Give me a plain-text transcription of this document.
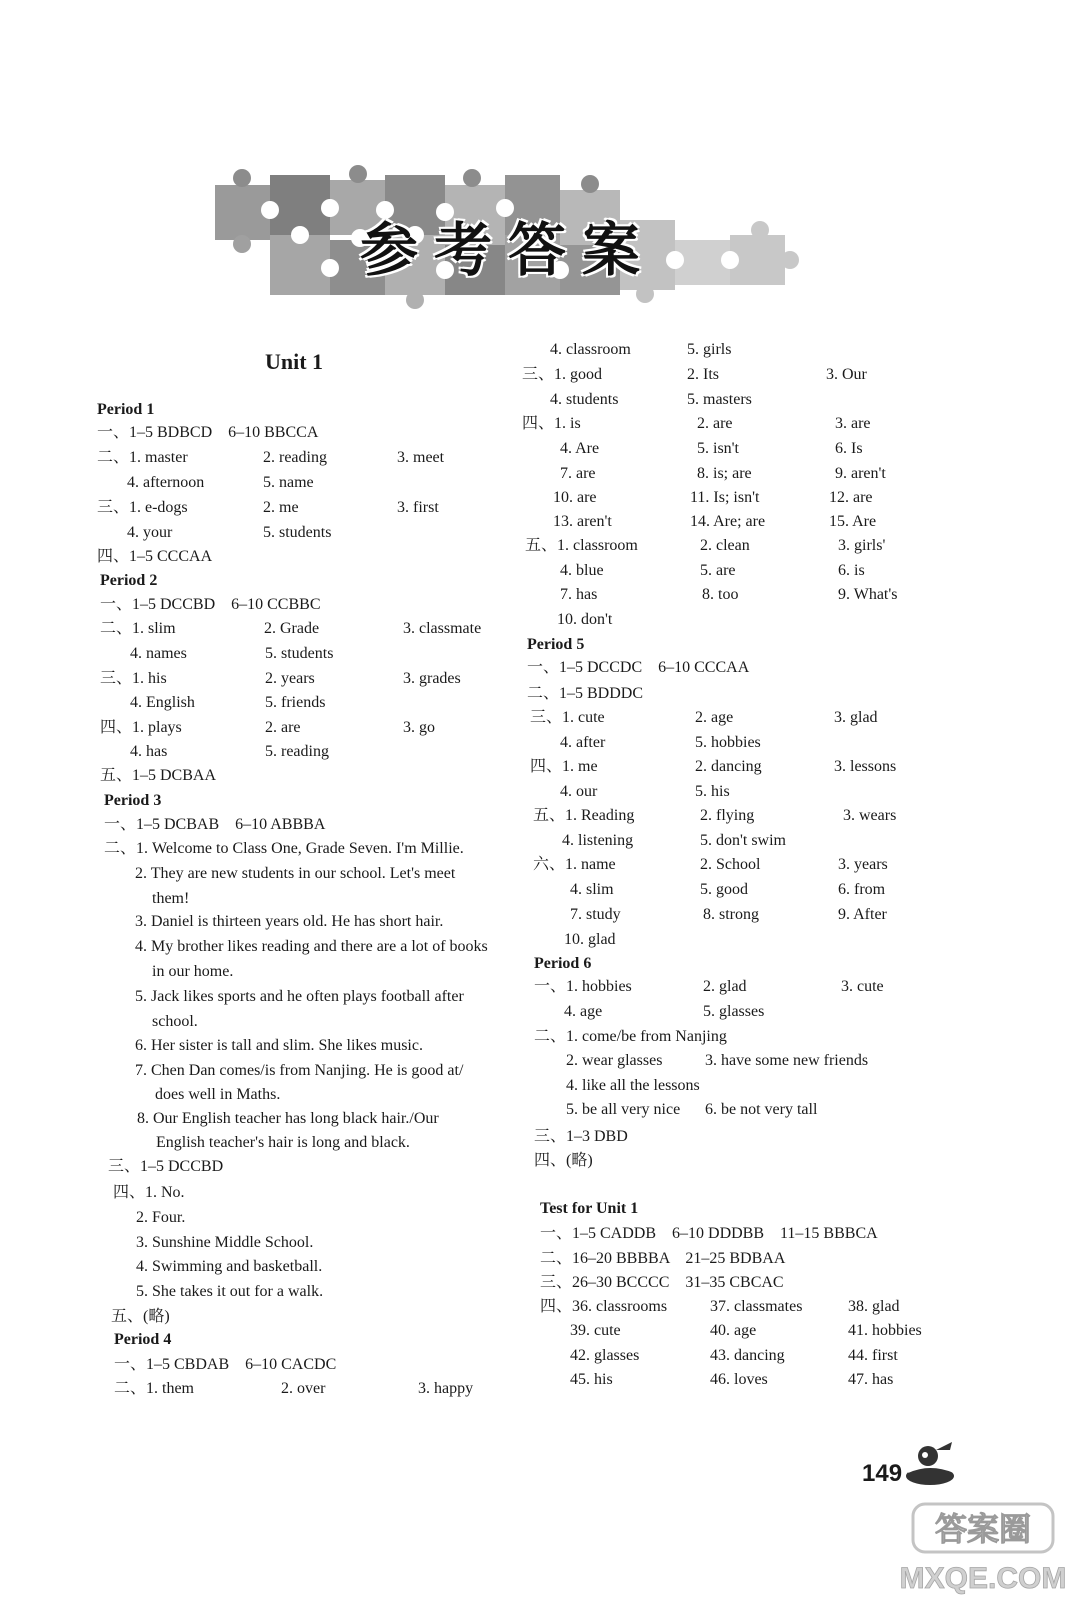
参考答案
Unit 1
Period 1
一、1–5 BDBCD　6–10 BBCCA
二、1. master	2. reading	3. meet
4. afternoon	5. name
三、1. e-dogs	2. me	3. first
4. your	5. students
四、1–5 CCCAA
Period 2
一、1–5 DCCBD　6–10 CCBBC
二、1. slim	2. Grade	3. classmate
4. names	5. students
三、1. his	2. years	3. grades
4. English	5. friends
四、1. plays	2. are	3. go
4. has	5. reading
五、1–5 DCBAA
Period 3
一、1–5 DCBAB　6–10 ABBBA
二、1. Welcome to Class One, Grade Seven. I'm Millie.
2. They are new students in our school. Let's meet
them!
3. Daniel is thirteen years old. He has short hair.
4. My brother likes reading and there are a lot of books
in our home.
5. Jack likes sports and he often plays football after
school.
6. Her sister is tall and slim. She likes music.
7. Chen Dan comes/is from Nanjing. He is good at/
does well in Maths.
8. Our English teacher has long black hair./Our
English teacher's hair is long and black.
三、1–5 DCCBD
四、1. No.
2. Four.
3. Sunshine Middle School.
4. Swimming and basketball.
5. She takes it out for a walk.
五、(略)
Period 4
一、1–5 CBDAB　6–10 CACDC
二、1. them	2. over	3. happy
4. classroom	5. girls
三、1. good	2. Its	3. Our
4. students	5. masters
四、1. is	2. are	3. are
4. Are	5. isn't	6. Is
7. are	8. is; are	9. aren't
10. are	11. Is; isn't	12. are
13. aren't	14. Are; are	15. Are
五、1. classroom	2. clean	3. girls'
4. blue	5. are	6. is
7. has	8. too	9. What's
10. don't
Period 5
一、1–5 DCCDC　6–10 CCCAA
二、1–5 BDDDC
三、1. cute	2. age	3. glad
4. after	5. hobbies
四、1. me	2. dancing	3. lessons
4. our	5. his
五、1. Reading	2. flying	3. wears
4. listening	5. don't swim
六、1. name	2. School	3. years
4. slim	5. good	6. from
7. study	8. strong	9. After
10. glad
Period 6
一、1. hobbies	2. glad	3. cute
4. age	5. glasses
二、1. come/be from Nanjing
2. wear glasses	3. have some new friends
4. like all the lessons
5. be all very nice 6. be not very tall
三、1–3 DBD
四、(略)
Test for Unit 1
一、1–5 CADDB　6–10 DDDBB　11–15 BBBCA
二、16–20 BBBBA　21–25 BDBAA
三、26–30 BCCCC　31–35 CBCAC
四、36. classrooms	37. classmates	38. glad
39. cute	40. age	41. hobbies
42. glasses	43. dancing	44. first
45. his	46. loves	47. has
149
答案圈
MXQE.COM
